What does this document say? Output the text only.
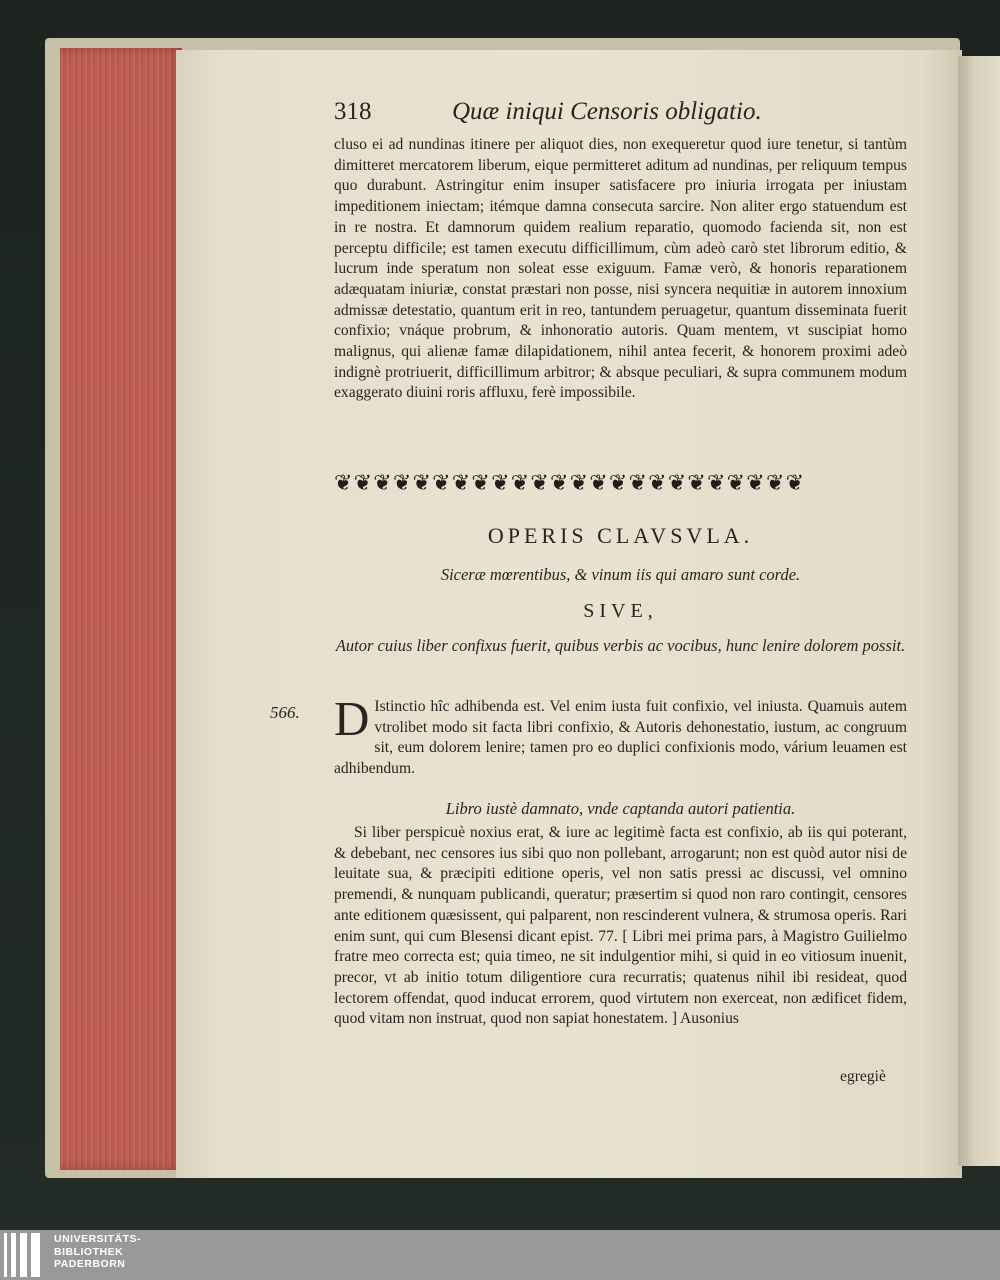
318	Quæ iniqui Censoris obligatio.
cluso ei ad nundinas itinere per aliquot dies, non exequeretur quod iure tenetur, si tantùm dimitteret mercatorem liberum, eique permitteret aditum ad nundinas, per reliquum tempus quo durabunt. Astringitur enim insuper satisfacere pro iniuria irrogata per iniustam impeditionem iniectam; itémque damna consecuta sarcire. Non aliter ergo statuendum est in re nostra. Et damnorum quidem realium reparatio, quomodo facienda sit, non est perceptu difficile; est tamen executu difficillimum, cùm adeò carò stet librorum editio, & lucrum inde speratum non soleat esse exiguum. Famæ verò, & honoris reparationem adæquatam iniuriæ, constat præstari non posse, nisi syncera nequitiæ in autorem innoxium admissæ detestatio, quantum erit in reo, tantundem peruagetur, quantum disseminata fuerit confixio; vnáque probrum, & inhonoratio autoris. Quam mentem, vt suscipiat homo malignus, qui alienæ famæ dilapidationem, nihil antea fecerit, & honorem proximi adeò indignè protriuerit, difficillimum arbitror; & absque peculiari, & supra communem modum exaggerato diuini roris affluxu, ferè impossibile.
❦❦❦❦❦❦❦❦❦❦❦❦❦❦❦❦❦❦❦❦❦❦❦❦
OPERIS CLAVSVLA.
Siceræ mœrentibus, & vinum iis qui amaro sunt corde.
SIVE,
Autor cuius liber confixus fuerit, quibus verbis ac vocibus, hunc lenire dolorem possit.
566. D Istinctio hîc adhibenda est. Vel enim iusta fuit confixio, vel iniusta. Quamuis autem vtrolibet modo sit facta libri confixio, & Autoris dehonestatio, iustum, ac congruum sit, eum dolorem lenire; tamen pro eo duplici confixionis modo, várium leuamen est adhibendum.
Libro iustè damnato, vnde captanda autori patientia.
Si liber perspicuè noxius erat, & iure ac legitimè facta est confixio, ab iis qui poterant, & debebant, nec censores ius sibi quo non pollebant, arrogarunt; non est quòd autor nisi de leuitate sua, & præcipiti editione operis, vel non satis pressi ac discussi, vel omnino premendi, & nunquam publicandi, queratur; præsertim si quod non raro contingit, censores ante editionem quæsissent, qui palparent, non rescinderent vulnera, & strumosa operis. Rari enim sunt, qui cum Blesensi dicant epist. 77. [ Libri mei prima pars, à Magistro Guilielmo fratre meo correcta est; quia timeo, ne sit indulgentior mihi, si quid in eo vitiosum inuenit, precor, vt ab initio totum diligentiore cura recurratis; quatenus nihil ibi resideat, quod lectorem offendat, quod inducat errorem, quod virtutem non exerceat, non ædificet fidem, quod vitam non instruat, quod non sapiat honestatem. ] Ausonius
egregiè
UNIVERSITÄTS-
BIBLIOTHEK
PADERBORN
